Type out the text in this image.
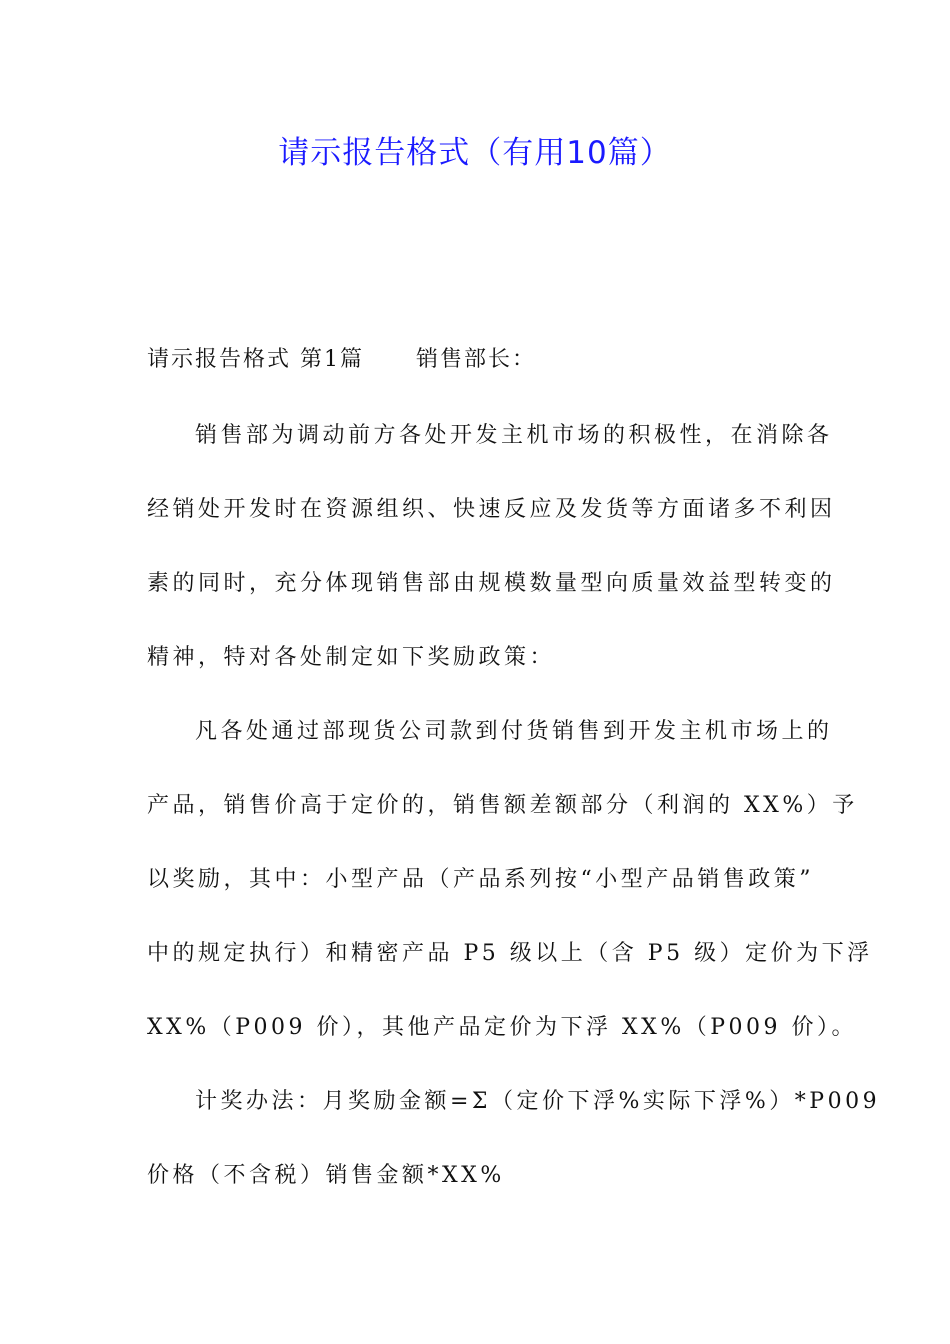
请示报告格式（有用10篇）
请示报告格式 第1篇 销售部长：
销售部为调动前方各处开发主机市场的积极性，在消除各
经销处开发时在资源组织、快速反应及发货等方面诸多不利因
素的同时，充分体现销售部由规模数量型向质量效益型转变的
精神，特对各处制定如下奖励政策：
凡各处通过部现货公司款到付货销售到开发主机市场上的
产品，销售价高于定价的，销售额差额部分（利润的 XX%）予
以奖励，其中：小型产品（产品系列按“小型产品销售政策”
中的规定执行）和精密产品 P5 级以上（含 P5 级）定价为下浮
XX%（P009 价），其他产品定价为下浮 XX%（P009 价）。
计奖办法：月奖励金额=Σ（定价下浮%实际下浮%）*P009
价格（不含税）销售金额*XX%
